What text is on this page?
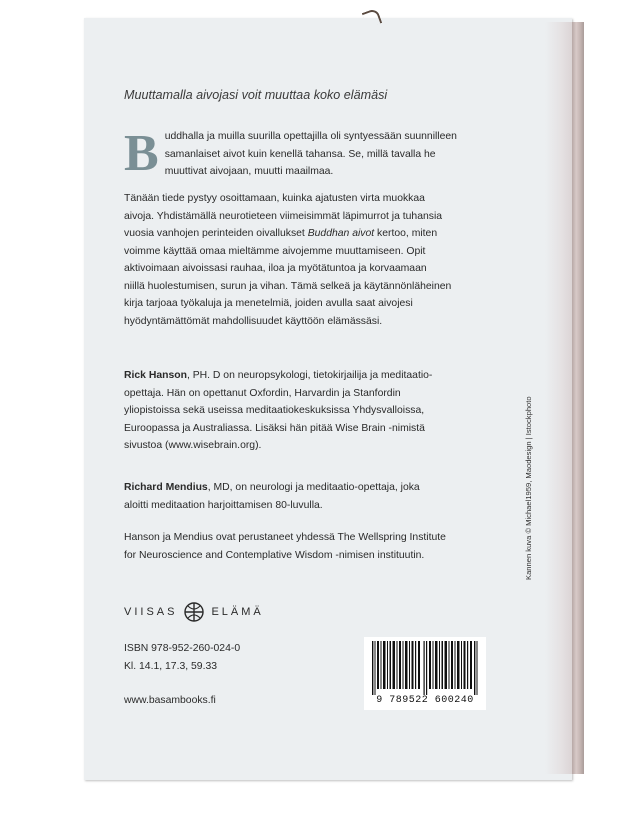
Muuttamalla aivojasi voit muuttaa koko elämäsi
B uddhalla ja muilla suurilla opettajilla oli syntyessään suunnilleen
samanlaiset aivot kuin kenellä tahansa. Se, millä tavalla he
muuttivat aivojaan, muutti maailmaa.
Tänään tiede pystyy osoittamaan, kuinka ajatusten virta muokkaa
aivoja. Yhdistämällä neurotieteen viimeisimmät läpimurrot ja tuhansia
vuosia vanhojen perinteiden oivallukset Buddhan aivot kertoo, miten
voimme käyttää omaa mieltämme aivojemme muuttamiseen. Opit
aktivoimaan aivoissasi rauhaa, iloa ja myötätuntoa ja korvaamaan
niillä huolestumisen, surun ja vihan. Tämä selkeä ja käytännönläheinen
kirja tarjoaa työkaluja ja menetelmiä, joiden avulla saat aivojesi
hyödyntämättömät mahdollisuudet käyttöön elämässäsi.
Rick Hanson, PH. D on neuropsykologi, tietokirjailija ja meditaatio-
opettaja. Hän on opettanut Oxfordin, Harvardin ja Stanfordin
yliopistoissa sekä useissa meditaatiokeskuksissa Yhdysvalloissa,
Euroopassa ja Australiassa. Lisäksi hän pitää Wise Brain -nimistä
sivustoa (www.wisebrain.org).
Richard Mendius, MD, on neurologi ja meditaatio-opettaja, joka
aloitti meditaation harjoittamisen 80-luvulla.
Hanson ja Mendius ovat perustaneet yhdessä The Wellspring Institute
for Neuroscience and Contemplative Wisdom -nimisen instituutin.
VIISAS	ELÄMÄ
ISBN 978-952-260-024-0
Kl. 14.1, 17.3, 59.33
www.basambooks.fi	9 789522 600240
Kannen kuva © Michael1959, Maodesign | Istockphoto
